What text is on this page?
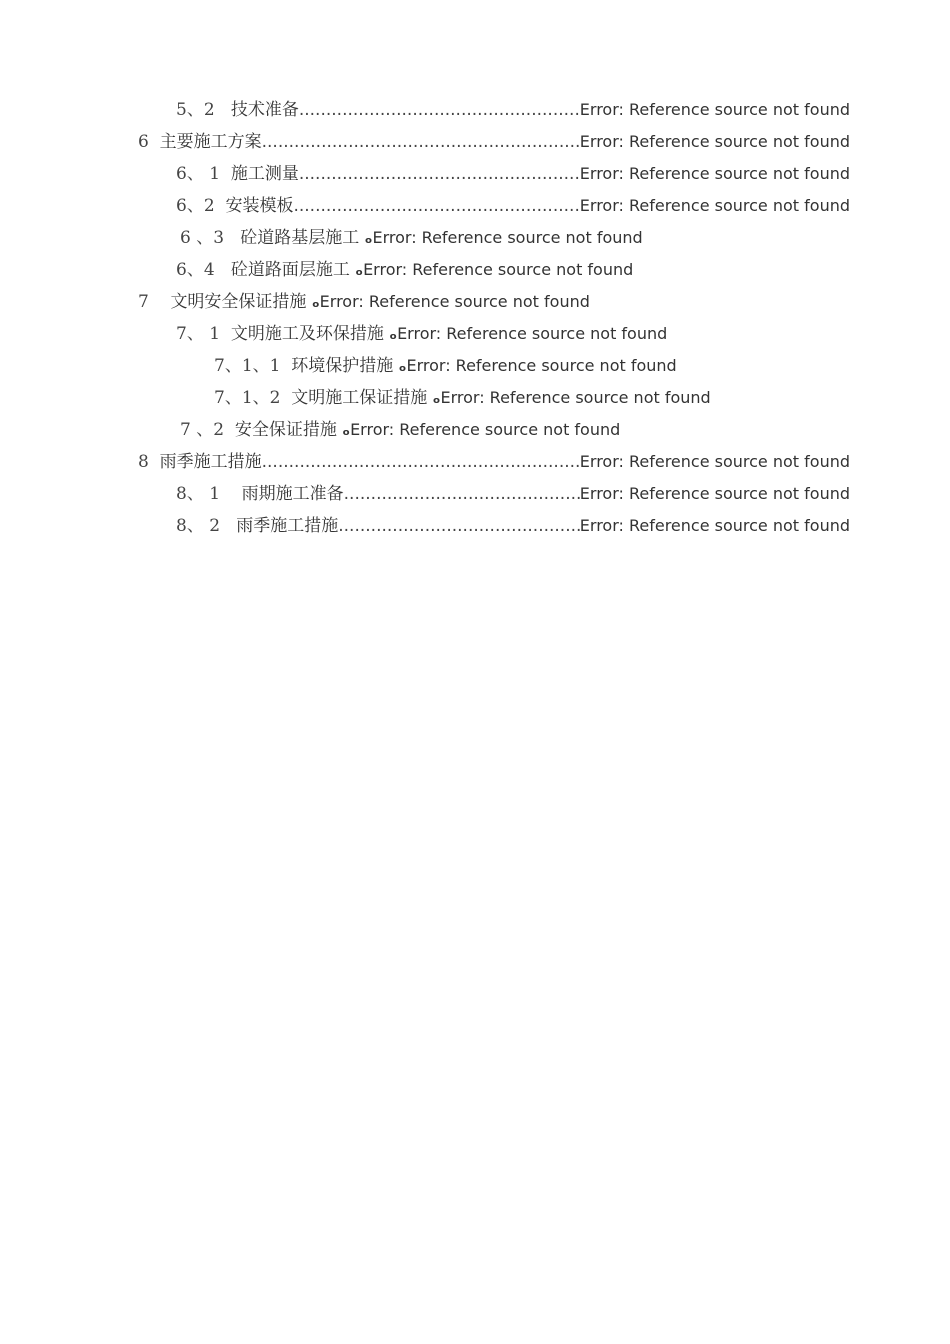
5、2 技术准备 .....	Error: Reference source not found
6 主要施工方案 .....	Error: Reference source not found
6、 1 施工测量 .....	Error: Reference source not found
6、2 安装模板 .....	Error: Reference source not found
6 、3 砼道路基层施工 ₒ Error: Reference source not found
6、4 砼道路面层施工 ₒ Error: Reference source not found
7 文明安全保证措施 ₒ Error: Reference source not found
7、 1 文明施工及环保措施 ₒ Error: Reference source not found
7、1、1 环境保护措施 ₒ Error: Reference source not found
7、1、2 文明施工保证措施 ₒ Error: Reference source not found
7 、2 安全保证措施 ₒ Error: Reference source not found
8 雨季施工措施 .....	Error: Reference source not found
8、 1 雨期施工准备 .....	Error: Reference source not found
8、 2 雨季施工措施 .....	Error: Reference source not found
